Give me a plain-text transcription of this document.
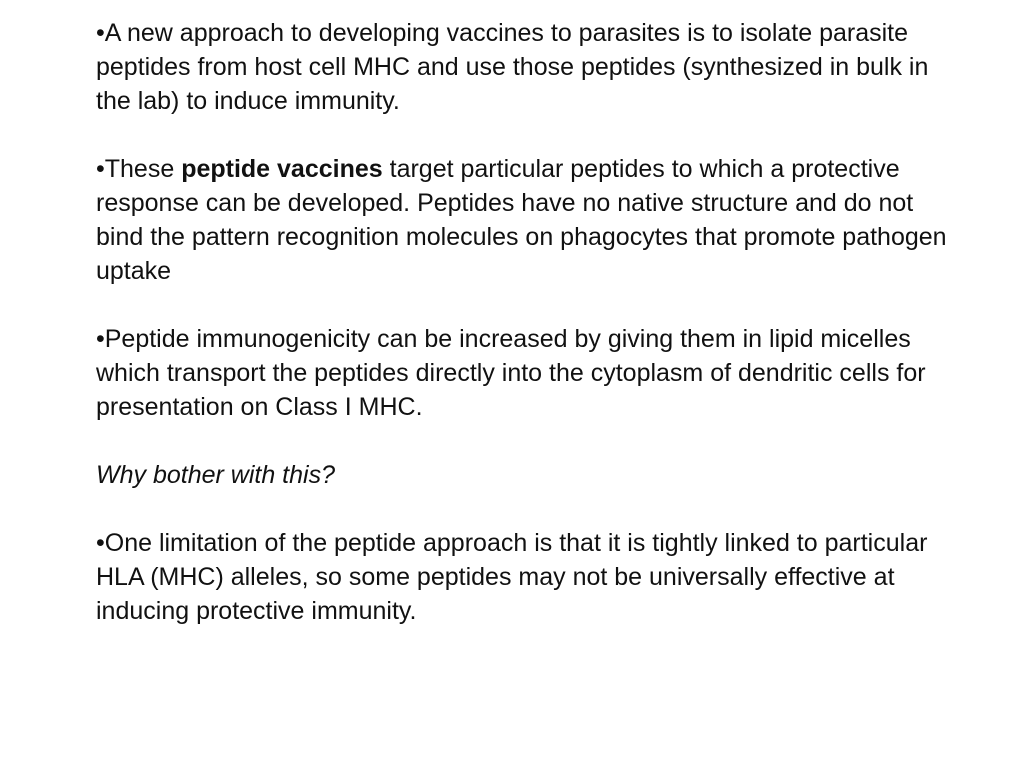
•A new approach to developing vaccines to parasites is to isolate parasite peptides from host cell MHC and use those peptides (synthesized in bulk in the lab) to induce immunity.

•These peptide vaccines target particular peptides to which a protective response can be developed. Peptides have no native structure and do not bind the pattern recognition molecules on phagocytes that promote pathogen uptake

•Peptide immunogenicity can be increased by giving them in lipid micelles which transport the peptides directly into the cytoplasm of dendritic cells for presentation on Class I MHC.

Why bother with this?

•One limitation of the peptide approach is that it is tightly linked to particular HLA (MHC) alleles, so some peptides may not be universally effective at inducing protective immunity.
